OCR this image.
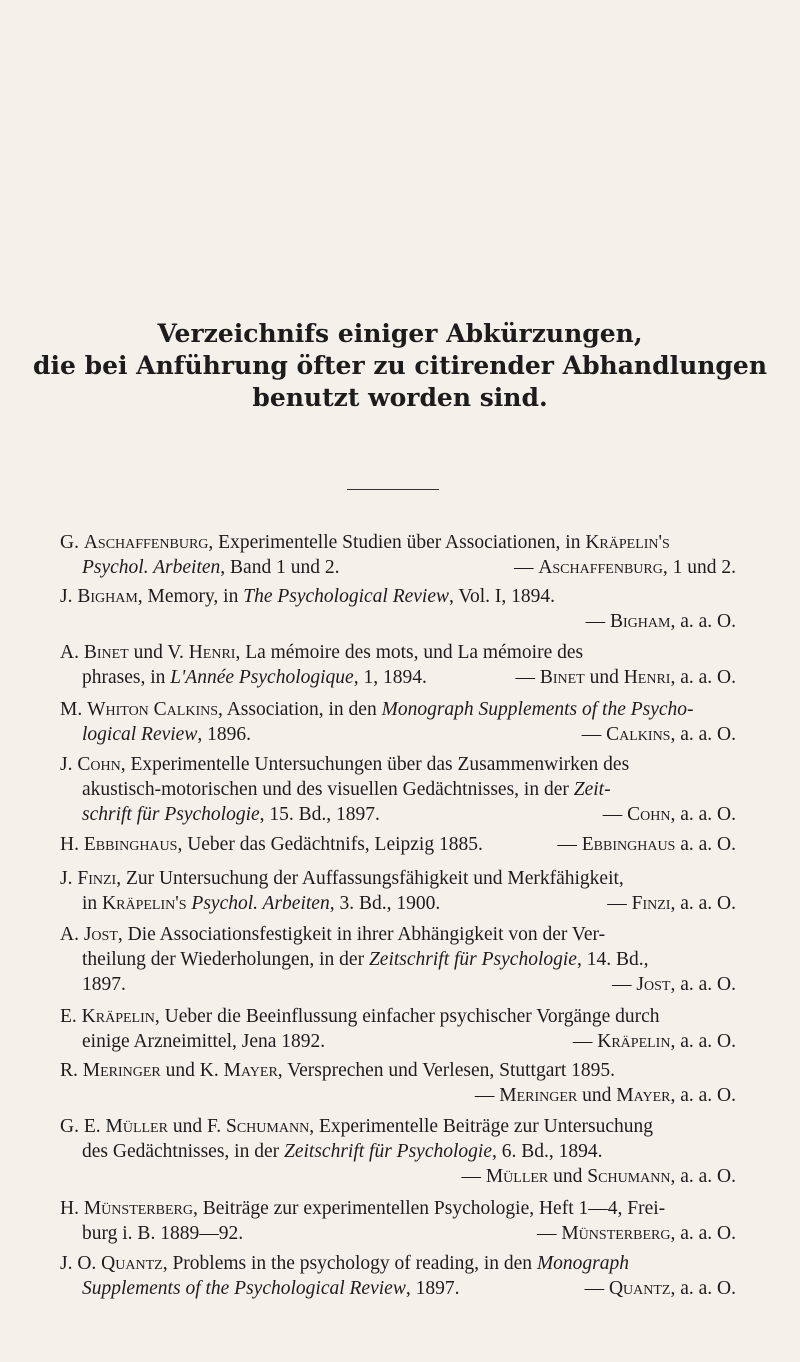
Verzeichnifs einiger Abkürzungen,
die bei Anführung öfter zu citirender Abhandlungen
benutzt worden sind.
G. Aschaffenburg, Experimentelle Studien über Associationen, in Kräpelin's
Psychol. Arbeiten, Band 1 und 2.	— Aschaffenburg, 1 und 2.
J. Bigham, Memory, in The Psychological Review, Vol. I, 1894.
— Bigham, a. a. O.
A. Binet und V. Henri, La mémoire des mots, und La mémoire des
phrases, in L'Année Psychologique, 1, 1894.	— Binet und Henri, a. a. O.
M. Whiton Calkins, Association, in den Monograph Supplements of the Psycho-
logical Review, 1896.	— Calkins, a. a. O.
J. Cohn, Experimentelle Untersuchungen über das Zusammenwirken des
akustisch-motorischen und des visuellen Gedächtnisses, in der Zeit-
schrift für Psychologie, 15. Bd., 1897.	— Cohn, a. a. O.
H. Ebbinghaus, Ueber das Gedächtnifs, Leipzig 1885.	— Ebbinghaus a. a. O.
J. Finzi, Zur Untersuchung der Auffassungsfähigkeit und Merkfähigkeit,
in Kräpelin's Psychol. Arbeiten, 3. Bd., 1900.	— Finzi, a. a. O.
A. Jost, Die Associationsfestigkeit in ihrer Abhängigkeit von der Ver-
theilung der Wiederholungen, in der Zeitschrift für Psychologie, 14. Bd.,
1897.	— Jost, a. a. O.
E. Kräpelin, Ueber die Beeinflussung einfacher psychischer Vorgänge durch
einige Arzneimittel, Jena 1892.	— Kräpelin, a. a. O.
R. Meringer und K. Mayer, Versprechen und Verlesen, Stuttgart 1895.
— Meringer und Mayer, a. a. O.
G. E. Müller und F. Schumann, Experimentelle Beiträge zur Untersuchung
des Gedächtnisses, in der Zeitschrift für Psychologie, 6. Bd., 1894.
— Müller und Schumann, a. a. O.
H. Münsterberg, Beiträge zur experimentellen Psychologie, Heft 1—4, Frei-
burg i. B. 1889—92.	— Münsterberg, a. a. O.
J. O. Quantz, Problems in the psychology of reading, in den Monograph
Supplements of the Psychological Review, 1897.	— Quantz, a. a. O.
